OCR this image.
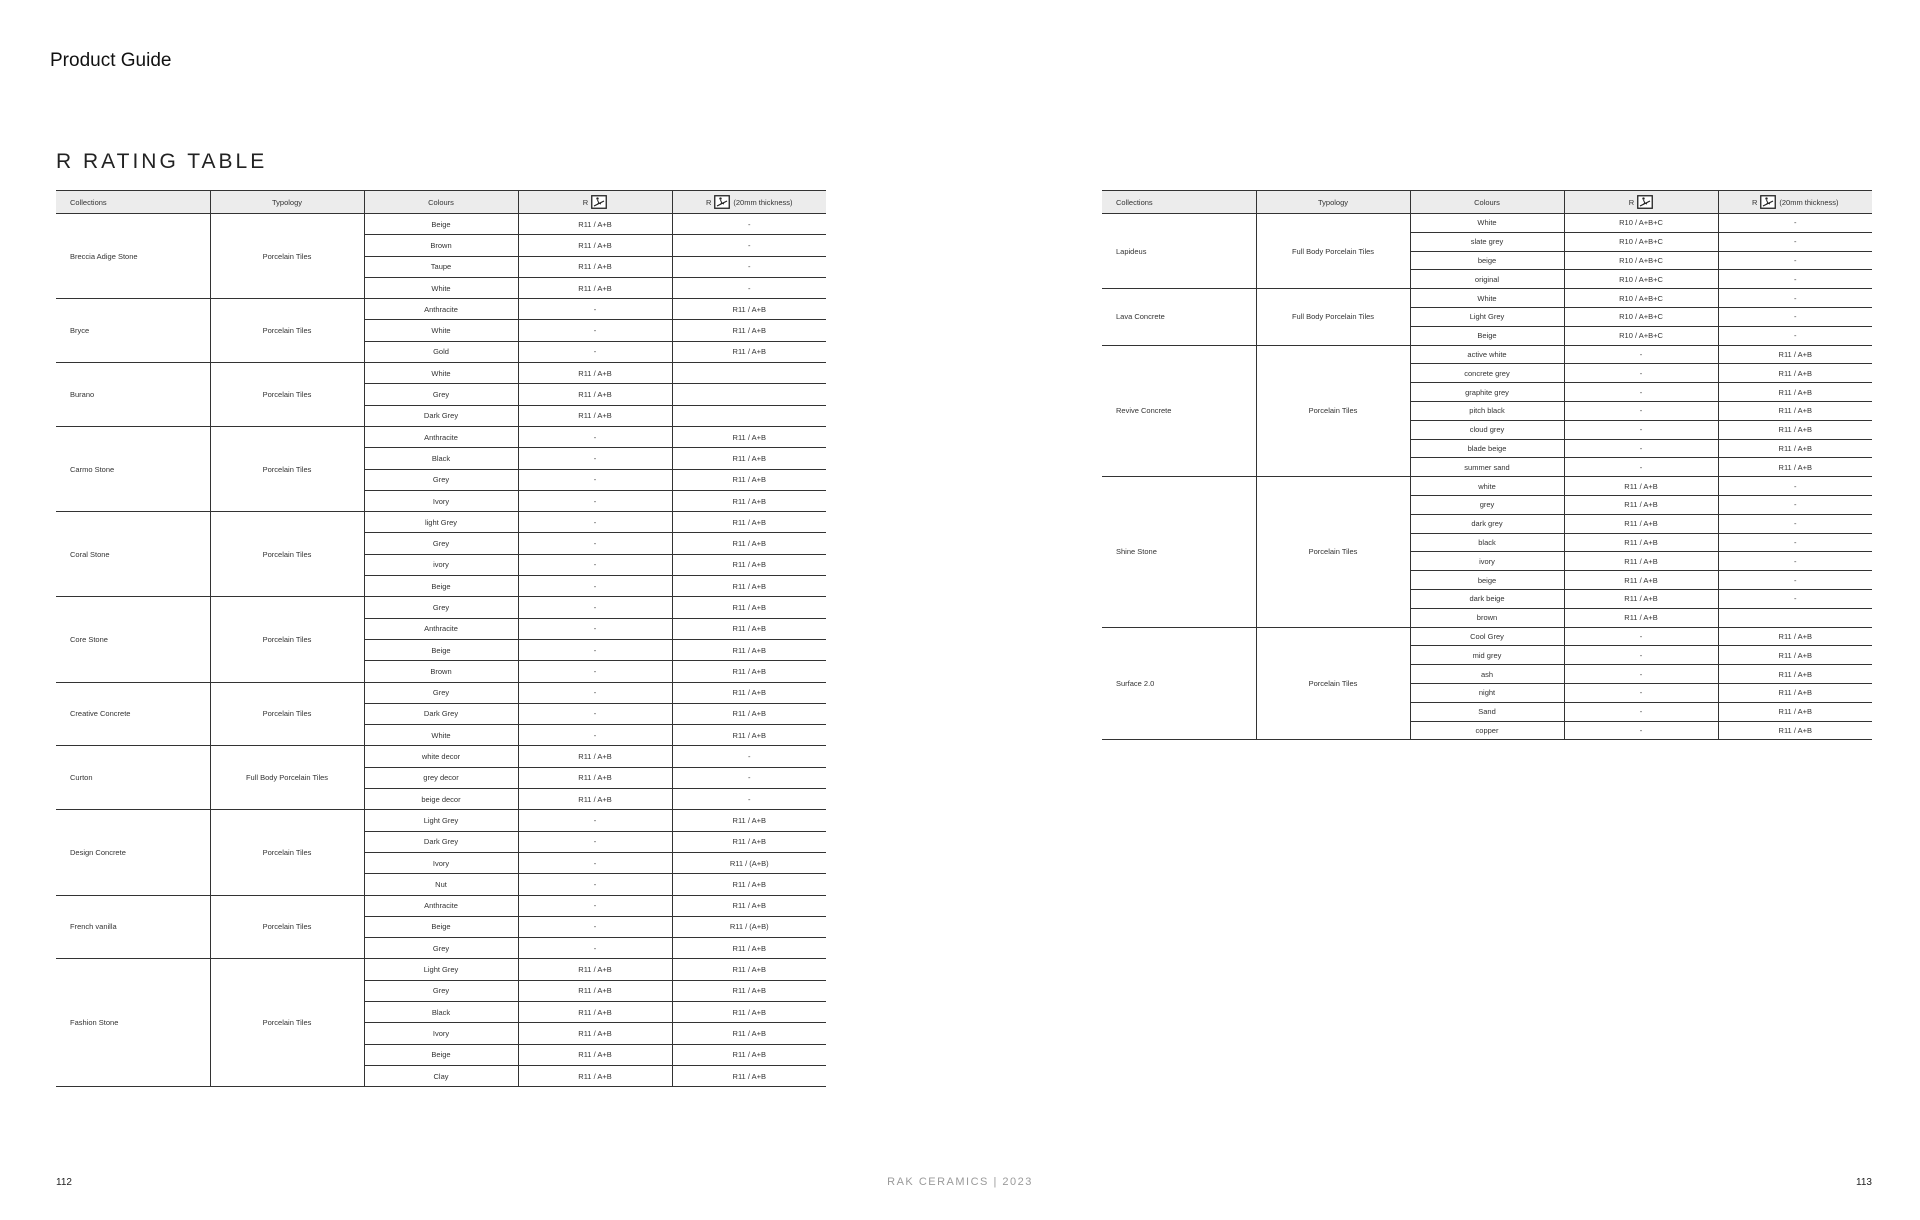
Product Guide
R RATING TABLE
Collections	Typology	Colours	R	R (20mm thickness)

Breccia Adige Stone	Porcelain Tiles	Beige	R11 / A+B	-
		Brown	R11 / A+B	-
		Taupe	R11 / A+B	-
		White	R11 / A+B	-
Bryce	Porcelain Tiles	Anthracite	-	R11 / A+B
		White	-	R11 / A+B
		Gold	-	R11 / A+B
Burano	Porcelain Tiles	White	R11 / A+B	
		Grey	R11 / A+B	
		Dark Grey	R11 / A+B	
Carmo Stone	Porcelain Tiles	Anthracite	-	R11 / A+B
		Black	-	R11 / A+B
		Grey	-	R11 / A+B
		Ivory	-	R11 / A+B
Coral Stone	Porcelain Tiles	light Grey	-	R11 / A+B
		Grey	-	R11 / A+B
		ivory	-	R11 / A+B
		Beige	-	R11 / A+B
Core Stone	Porcelain Tiles	Grey	-	R11 / A+B
		Anthracite	-	R11 / A+B
		Beige	-	R11 / A+B
		Brown	-	R11 / A+B
Creative Concrete	Porcelain Tiles	Grey	-	R11 / A+B
		Dark Grey	-	R11 / A+B
		White	-	R11 / A+B
Curton	Full Body Porcelain Tiles	white decor	R11 / A+B	-
		grey decor	R11 / A+B	-
		beige decor	R11 / A+B	-
Design Concrete	Porcelain Tiles	Light Grey	-	R11 / A+B
		Dark Grey	-	R11 / A+B
		Ivory	-	R11 / (A+B)
		Nut	-	R11 / A+B
French vanilla	Porcelain Tiles	Anthracite	-	R11 / A+B
		Beige	-	R11 / (A+B)
		Grey	-	R11 / A+B
Fashion Stone	Porcelain Tiles	Light Grey	R11 / A+B	R11 / A+B
		Grey	R11 / A+B	R11 / A+B
		Black	R11 / A+B	R11 / A+B
		Ivory	R11 / A+B	R11 / A+B
		Beige	R11 / A+B	R11 / A+B
		Clay	R11 / A+B	R11 / A+B
Collections	Typology	Colours	R	R (20mm thickness)

Lapideus	Full Body Porcelain Tiles	White	R10 / A+B+C	-
		slate grey	R10 / A+B+C	-
		beige	R10 / A+B+C	-
		original	R10 / A+B+C	-
Lava Concrete	Full Body Porcelain Tiles	White	R10 / A+B+C	-
		Light Grey	R10 / A+B+C	-
		Beige	R10 / A+B+C	-
Revive Concrete	Porcelain Tiles	active white	-	R11 / A+B
		concrete grey	-	R11 / A+B
		graphite grey	-	R11 / A+B
		pitch black	-	R11 / A+B
		cloud grey	-	R11 / A+B
		blade beige	-	R11 / A+B
		summer sand	-	R11 / A+B
Shine Stone	Porcelain Tiles	white	R11 / A+B	-
		grey	R11 / A+B	-
		dark grey	R11 / A+B	-
		black	R11 / A+B	-
		ivory	R11 / A+B	-
		beige	R11 / A+B	-
		dark beige	R11 / A+B	-
		brown	R11 / A+B	
Surface 2.0	Porcelain Tiles	Cool Grey	-	R11 / A+B
		mid grey	-	R11 / A+B
		ash	-	R11 / A+B
		night	-	R11 / A+B
		Sand	-	R11 / A+B
		copper	-	R11 / A+B
112	RAK CERAMICS | 2023	113
